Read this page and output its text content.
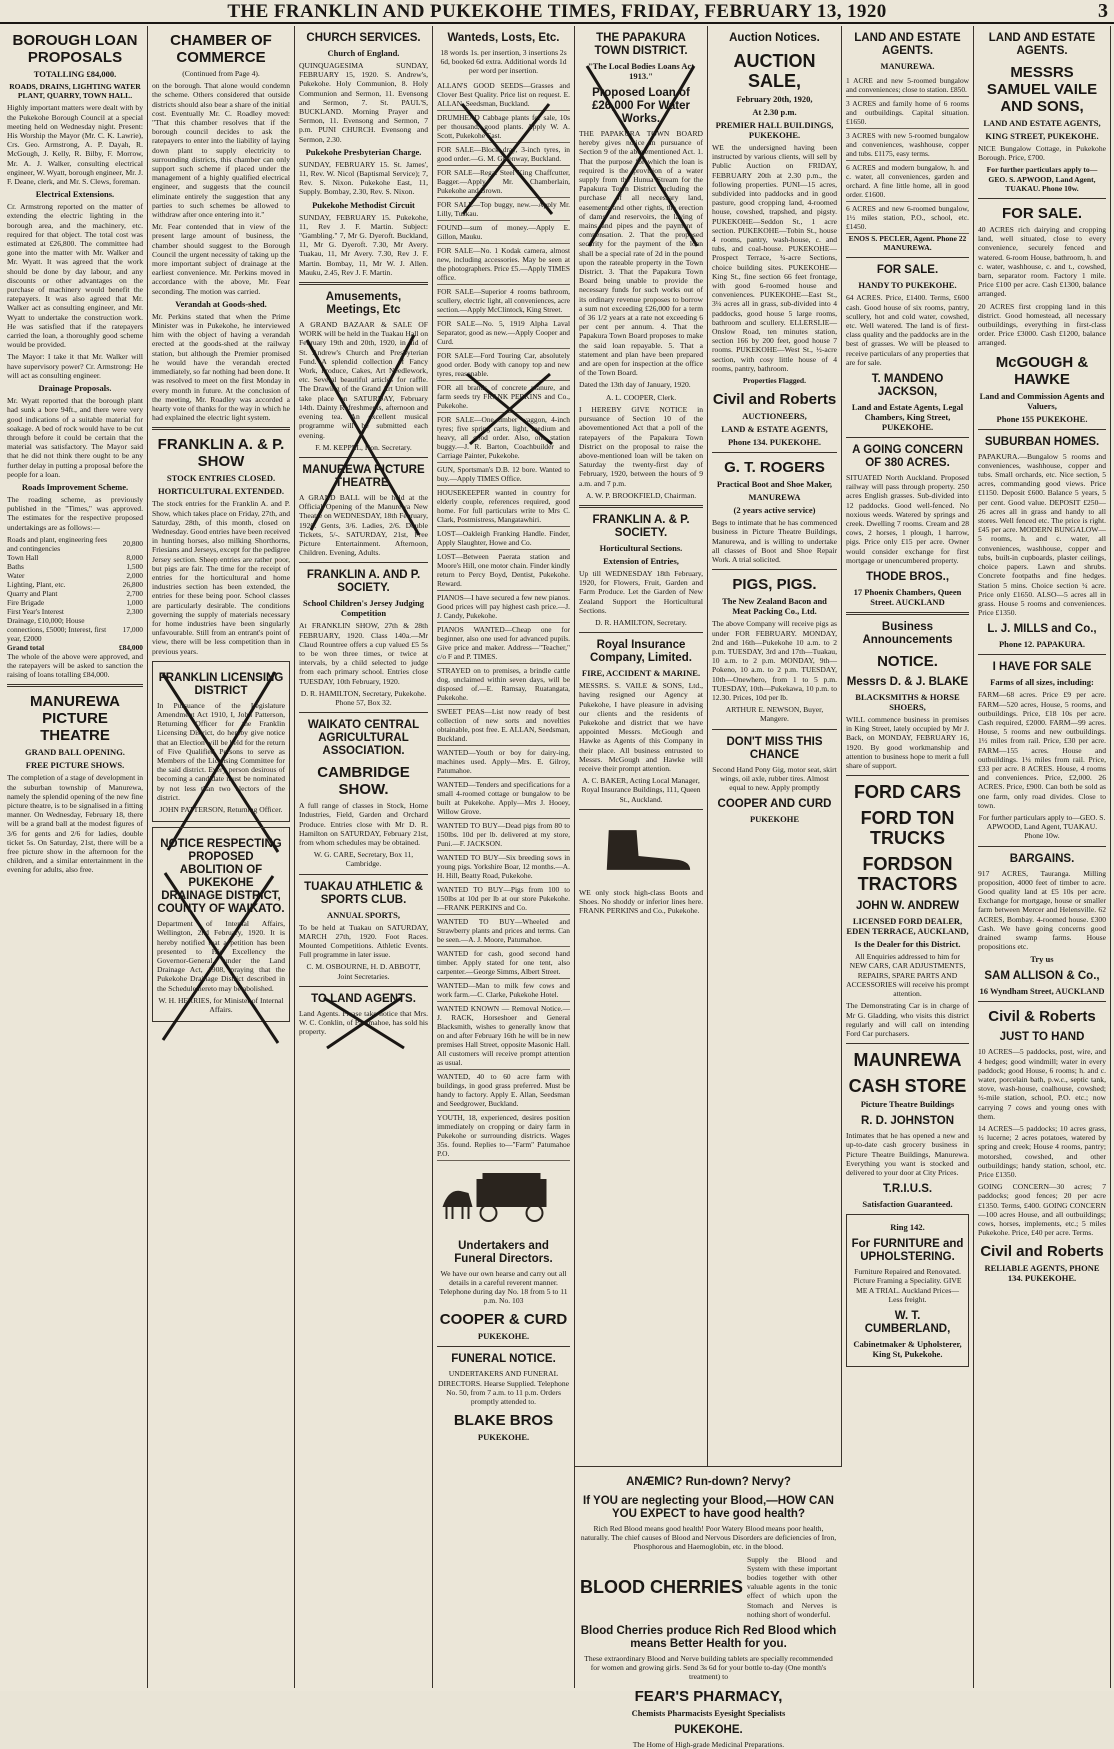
THE FRANKLIN AND PUKEKOHE TIMES, FRIDAY, FEBRUARY 13, 1920	3
BOROUGH LOAN PROPOSALS
TOTALLING £84,000.

ROADS, DRAINS, LIGHTING WATER PLANT, QUARRY, TOWN HALL.

Highly important matters were dealt with by the Pukekohe Borough Council at a special meeting held on Wednesday night. Present: His Worship the Mayor (Mr. C. K. Lawrie), Crs. Geo. Armstrong, A. P. Dayah, R. McGough, J. Kelly, R. Bilby, F. Morrow, Mr. A. J. Walker, consulting electrical engineer, W. Wyatt, borough engineer, Mr. J. F. Deane, clerk, and Mr. S. Clews, foreman.

Electrical Extensions.

Cr. Armstrong reported on the matter of extending the electric lighting in the borough area, and the machinery, etc. required for that object. The total cost was estimated at £26,800. The committee had gone into the matter with Mr. Walker and Mr. Wyatt. It was agreed that the work should be done by day labour, and any discounts or other advantages on the purchase of machinery would benefit the ratepayers. It was also agreed that Mr. Walker act as consulting engineer, and Mr. Wyatt to undertake the construction work. He was satisfied that if the ratepayers carried the loan, a thoroughly good scheme would be provided.

The Mayor: I take it that Mr. Walker will have supervisory power? Cr. Armstrong: He will act as consulting engineer.

Drainage Proposals.

Mr. Wyatt reported that the borough plant had sunk a bore 94ft., and there were very good indications of a suitable material for soakage. A bed of rock would have to be cut through before it could be certain that the material was satisfactory. The Mayor said that he did not think there ought to be any further delay in putting a proposal before the people for a loan.

Roads Improvement Scheme.

The roading scheme, as previously published in the "Times," was approved. The estimates for the respective proposed undertakings are as follows:—

Roads and plant, engineering fees and contingencies	20,800
Town Hall	8,000
Baths	1,500
Water	2,000
Lighting, Plant, etc.	26,800
Quarry and Plant	2,700
Fire Brigade	1,000
First Year's Interest	2,300
Drainage, £10,000; House connections, £5000; Interest, first year, £2000	17,000
Grand total	£84,000

The whole of the above were approved, and the ratepayers will be asked to sanction the raising of loans totalling £84,000.

MANUREWA PICTURE THEATRE
GRAND BALL OPENING.
FREE PICTURE SHOWS.

The completion of a stage of development in the suburban township of Manurewa, namely the splendid opening of the new fine picture theatre, is to be signalised in a fitting manner. On Wednesday, February 18, there will be a grand ball at the modest figures of 3/6 for gents and 2/6 for ladies, double ticket 5s. On Saturday, 21st, there will be a free picture show in the afternoon for the children, and a similar entertainment in the evening for adults, also free.

CHAMBER OF COMMERCE

(Continued from Page 4).

on the borough. That alone would condemn the scheme. Others considered that outside districts should also bear a share of the initial cost. Eventually Mr. C. Roadley moved: "That this chamber resolves that if the borough council decides to ask the ratepayers to enter into the liability of laying down plant to supply electricity to surrounding districts, this chamber can only support such scheme if placed under the management of a highly qualified electrical engineer, and suggests that the council eliminate entirely the suggestion that any parties to such schemes be allowed to withdraw after once entering into it."

Mr. Fear contended that in view of the present large amount of business, the chamber should suggest to the Borough Council the urgent necessity of taking up the more important subject of drainage at the earliest convenience. Mr. Perkins moved in accordance with the above, Mr. Fear seconding. The motion was carried.

Verandah at Goods-shed.

Mr. Perkins stated that when the Prime Minister was in Pukekohe, he interviewed him with the object of having a verandah erected at the goods-shed at the railway station, but although the Premier promised he would have the verandah erected immediately, so far nothing had been done. It was resolved to meet on the first Monday in every month in future. At the conclusion of the meeting, Mr. Roadley was accorded a hearty vote of thanks for the way in which he had explained the electric light system.

FRANKLIN A. & P. SHOW
STOCK ENTRIES CLOSED.
HORTICULTURAL EXTENDED.

The stock entries for the Franklin A. and P. Show, which takes place on Friday, 27th, and Saturday, 28th, of this month, closed on Wednesday. Good entries have been received in hunting horses, also milking Shorthorns, Friesians and Jerseys, except for the pedigree Jersey section. Sheep entries are rather poor, but pigs are fair. The time for the receipt of entries for the horticultural and home industries section has been extended, the entries for these being poor. School classes are particularly desirable. The conditions governing the supply of materials necessary for home industries have been singularly unfavourable. Still from an entrant's point of view, there will be less competition than in previous years.

FRANKLIN LICENSING DISTRICT

In Pursuance of the Legislature Amendment Act 1910, I, John Patterson, Returning Officer for the Franklin Licensing District, do hereby give notice that an Election will be held for the return of Five Qualified Persons to serve as Members of the Licensing Committee for the said district. Every person desirous of becoming a candidate must be nominated by not less than two electors of the district.

JOHN PATTERSON, Returning Officer.

NOTICE RESPECTING PROPOSED ABOLITION OF PUKEKOHE DRAINAGE DISTRICT, COUNTY OF WAIKATO.

Department of Internal Affairs, Wellington, 2nd February, 1920. It is hereby notified that a petition has been presented to His Excellency the Governor-General, under the Land Drainage Act, 1908, praying that the Pukekohe Drainage District described in the Schedule hereto may be abolished.

W. H. HERRIES, for Minister of Internal Affairs.

CHURCH SERVICES.
Church of England.

QUINQUAGESIMA SUNDAY, FEBRUARY 15, 1920. S. Andrew's, Pukekohe. Holy Communion, 8. Holy Communion and Sermon, 11. Evensong and Sermon, 7. St. PAUL'S, BUCKLAND. Morning Prayer and Sermon, 11. Evensong and Sermon, 7 p.m. PUNI CHURCH. Evensong and Sermon, 2.30.

Pukekohe Presbyterian Charge.

SUNDAY, FEBRUARY 15. St. James', 11, Rev. W. Nicol (Baptismal Service); 7, Rev. S. Nixon. Pukekohe East, 11, Supply. Bombay, 2.30, Rev. S. Nixon.

Pukekohe Methodist Circuit

SUNDAY, FEBRUARY 15. Pukekohe, 11, Rev J. F. Martin. Subject: "Gambling." 7, Mr G. Dyeroft. Buckland, 11, Mr G. Dyeroft. 7.30, Mr Avery. Tuakau, 11, Mr Avery. 7.30, Rev J. F. Martin. Bombay, 11, Mr W. J. Allen. Mauku, 2.45, Rev J. F. Martin.

Amusements, Meetings, Etc

A GRAND BAZAAR & SALE OF WORK will be held in the Tuakau Hall on February 19th and 20th, 1920, in aid of St. Andrew's Church and Presbyterian Fund. A splendid collection of Fancy Work, Produce, Cakes, Art Needlework, etc. Several beautiful articles for raffle. The Drawing of the Grand Art Union will take place on SATURDAY, February 14th. Dainty Refreshments, afternoon and evening tea. An excellent musical programme will be submitted each evening.

F. M. KEPPEL, Hon. Secretary.

MANUREWA PICTURE THEATRE.

A GRAND BALL will be held at the Official Opening of the Manurewa New Theatre on WEDNESDAY, 18th February, 1920. Gents, 3/6. Ladies, 2/6. Double Tickets, 5/-. SATURDAY, 21st, Free Picture Entertainment. Afternoon, Children. Evening, Adults.

FRANKLIN A. AND P. SOCIETY.
School Children's Jersey Judging Competition

At FRANKLIN SHOW, 27th & 28th FEBRUARY, 1920. Class 140a.—Mr Claud Rountree offers a cup valued £5 5s to be won three times, or twice at intervals, by a child selected to judge from each primary school. Entries close TUESDAY, 10th February, 1920.

D. R. HAMILTON, Secretary, Pukekohe. Phone 57, Box 32.

WAIKATO CENTRAL AGRICULTURAL ASSOCIATION.
CAMBRIDGE SHOW.

A full range of classes in Stock, Home Industries, Field, Garden and Orchard Produce. Entries close with Mr D. R. Hamilton on SATURDAY, February 21st, from whom schedules may be obtained.

W. G. CARE, Secretary, Box 11, Cambridge.

TUAKAU ATHLETIC & SPORTS CLUB.
ANNUAL SPORTS,

To be held at Tuakau on SATURDAY, MARCH 27th, 1920. Foot Races. Mounted Competitions. Athletic Events. Full programme in later issue.

C. M. OSBOURNE, H. D. ABBOTT, Joint Secretaries.

TO LAND AGENTS.

Land Agents. Please take notice that Mrs. W. C. Conklin, of Patumahoe, has sold his property.

Wanteds, Losts, Etc.

18 words 1s. per insertion, 3 insertions 2s 6d, booked 6d extra. Additional words 1d per word per insertion.

ALLAN'S GOOD SEEDS—Grasses and Clover Best Quality. Price list on request. E. ALLAN, Seedsman, Buckland.

DRUMHEAD Cabbage plants for sale, 10s per thousand, good plants. Apply W. A. Scott, Pukekohe East.

FOR SALE—Block dray, 3-inch tyres, in good order.—G. M. Greenway, Buckland.

FOR SALE—Regal Steel King Chaffcutter, Bagger.—Apply Mr. Chamberlain, Pukekohe and Brown.

FOR SALE—Top buggy, new.—Apply Mr. Lilly, Tuakau.

FOUND—sum of money.—Apply E. Gillon, Mauku.

FOR SALE—No. 1 Kodak camera, almost new, including accessories. May be seen at the photographers. Price £5.—Apply TIMES office.

FOR SALE—Superior 4 rooms bathroom, scullery, electric light, all conveniences, acre section.—Apply McClintock, King Street.

FOR SALE—No. 5, 1919 Alpha Laval Separator, good as new.—Apply Cooper and Curd.

FOR SALE—Ford Touring Car, absolutely good order. Body with canopy top and new tyres, reasonable.

FOR all brands of concrete manure, and farm seeds try FRANK PERKINS and Co., Pukekohe.

FOR SALE—One timber waggon, 4-inch tyres; five spring carts, light, medium and heavy, all good order. Also, one station buggy.—J. R. Barton, Coachbuilder and Carriage Painter, Pukekohe.

GUN, Sportsman's D.B. 12 bore. Wanted to buy.—Apply TIMES Office.

HOUSEKEEPER wanted in country for elderly couple, references required, good home. For full particulars write to Mrs C. Clark, Postmistress, Mangatawhiri.

LOST—Oakleigh Franking Handle. Finder, Apply Slaughter, Howe and Co.

LOST—Between Paerata station and Moore's Hill, one motor chain. Finder kindly return to Percy Boyd, Dentist, Pukekohe. Reward.

PIANOS—I have secured a few new pianos. Good prices will pay highest cash price.—J. J. Candy, Pukekohe.

PIANOS WANTED—Cheap one for beginner, also one used for advanced pupils. Give price and maker. Address—"Teacher," c/o F and P. TIMES.

STRAYED on to premises, a brindle cattle dog, unclaimed within seven days, will be disposed of.—E. Ramsay, Ruatangata, Pukekohe.

SWEET PEAS—List now ready of best collection of new sorts and novelties obtainable, post free. E. ALLAN, Seedsman, Buckland.

WANTED—Youth or boy for dairy-ing, machines used. Apply—Mrs. E. Gilroy, Patumahoe.

WANTED—Tenders and specifications for a small 4-roomed cottage or bungalow to be built at Pukekohe. Apply—Mrs J. Hooey, Willow Grove.

WANTED TO BUY—Dead pigs from 80 to 150lbs. 10d per lb. delivered at my store, Puni.—F. JACKSON.

WANTED TO BUY—Six breeding sows in young pigs. Yorkshire Boar, 12 months.—A. H. Hill, Beatty Road, Pukekohe.

WANTED TO BUY—Pigs from 100 to 150lbs at 10d per lb at our store Pukekohe.—FRANK PERKINS and Co.

WANTED TO BUY—Wheeled and Strawberry plants and prices and terms. Can be seen.—A. J. Moore, Patumahoe.

WANTED for cash, good second hand timber. Apply stated for one tent, also carpenter.—George Simms, Albert Street.

WANTED—Man to milk few cows and work farm.—C. Clarke, Pukekohe Hotel.

WANTED KNOWN — Removal Notice.—J. RACK, Horseshoer and General Blacksmith, wishes to generally know that on and after February 16th he will be in new premises Hall Street, opposite Masonic Hall. All customers will receive prompt attention as usual.

WANTED, 40 to 60 acre farm with buildings, in good grass preferred. Must be handy to factory. Apply E. Allan, Seedsman and Seedgrower, Buckland.

YOUTH, 18, experienced, desires position immediately on cropping or dairy farm in Pukekohe or surrounding districts. Wages 35s. found. Replies to—"Farm" Patumahoe P.O.

Undertakers and Funeral Directors.

We have our own hearse and carry out all details in a careful reverent manner. Telephone during day No. 18 from 5 to 11 p.m. No. 103

COOPER & CURD
PUKEKOHE.
FUNERAL NOTICE.

UNDERTAKERS AND FUNERAL DIRECTORS. Hearse Supplied. Telephone No. 50, from 7 a.m. to 11 p.m. Orders promptly attended to.

BLAKE BROS
PUKEKOHE.
THE PAPAKURA TOWN DISTRICT.
"The Local Bodies Loans Act 1913."
Proposed Loan of £26,000 For Water Works.

THE PAPAKURA TOWN BOARD hereby gives notice in pursuance of Section 9 of the abovementioned Act. 1. That the purpose for which the loan is required is the provision of a water supply from the Hunua Stream for the Papakura Town District including the purchase of all necessary land, easements and other rights, the erection of dams and reservoirs, the laying of mains and pipes and the payment of compensation. 2. That the proposed security for the payment of the loan shall be a special rate of 2d in the pound upon the rateable property in the Town District. 3. That the Papakura Town Board being unable to provide the necessary funds for such works out of its ordinary revenue proposes to borrow a sum not exceeding £26,000 for a term of 36 1/2 years at a rate not exceeding 6 per cent per annum. 4. That the Papakura Town Board proposes to make the said loan repayable. 5. That a statement and plan have been prepared and are open for inspection at the office of the Town Board.

Dated the 13th day of January, 1920.

A. L. COOPER, Clerk.

I HEREBY GIVE NOTICE in pursuance of Section 10 of the abovementioned Act that a poll of the ratepayers of the Papakura Town District on the proposal to raise the above-mentioned loan will be taken on Saturday the twenty-first day of February, 1920, between the hours of 9 a.m. and 7 p.m.

A. W. P. BROOKFIELD, Chairman.

FRANKLIN A. & P. SOCIETY.
Horticultural Sections.
Extension of Entries,

Up till WEDNESDAY 18th February, 1920, for Flowers, Fruit, Garden and Farm Produce. Let the Garden of New Zealand Support the Horticultural Sections.

D. R. HAMILTON, Secretary.

Royal Insurance Company, Limited.
FIRE, ACCIDENT & MARINE.

MESSRS. S. VAILE & SONS, Ltd., having resigned our Agency at Pukekohe, I have pleasure in advising our clients and the residents of Pukekohe and district that we have appointed Messrs. McGough and Hawke as Agents of this Company in their place. All business entrusted to Messrs. McGough and Hawke will receive their prompt attention.

A. C. BAKER, Acting Local Manager, Royal Insurance Buildings, 111, Queen St., Auckland.

WE only stock high-class Boots and Shoes. No shoddy or inferior lines here. FRANK PERKINS and Co., Pukekohe.

Auction Notices.
AUCTION SALE,
February 20th, 1920,
At 2.30 p.m.
PREMIER HALL BUILDINGS, PUKEKOHE.

WE the undersigned having been instructed by various clients, will sell by Public Auction on FRIDAY, FEBRUARY 20th at 2.30 p.m., the following properties. PUNI—15 acres, subdivided into paddocks and in good pasture, good cropping land, 4-roomed house, cowshed, trapshed, and pigsty. PUKEKOHE—Seddon St., 1 acre section. PUKEKOHE—Tobin St., house 4 rooms, pantry, wash-house, c. and tubs, and coal-house. PUKEKOHE—Prospect Terrace, ¾-acre Sections, choice building sites. PUKEKOHE—King St., fine section 66 feet frontage, with good 6-roomed house and conveniences. PUKEKOHE—East St., 3¼ acres all in grass, sub-divided into 4 paddocks, good house 5 large rooms, bathroom and scullery. ELLERSLIE—Onslow Road, ten minutes station, section 166 by 200 feet, good house 7 rooms. PUKEKOHE—West St., ½-acre section, with cosy little house of 4 rooms, pantry, bathroom.

Properties Flagged.

Civil and Roberts
AUCTIONEERS,
LAND & ESTATE AGENTS,
Phone 134. PUKEKOHE.
G. T. ROGERS
Practical Boot and Shoe Maker,
MANUREWA
(2 years active service)

Begs to intimate that he has commenced business in Picture Theatre Buildings, Manurewa, and is willing to undertake all classes of Boot and Shoe Repair Work. A trial solicited.

PIGS, PIGS.
The New Zealand Bacon and Meat Packing Co., Ltd.

The above Company will receive pigs as under FOR FEBRUARY. MONDAY, 2nd and 16th—Pukekohe 10 a.m. to 2 p.m. TUESDAY, 3rd and 17th—Tuakau, 10 a.m. to 2 p.m. MONDAY, 9th—Pokeno, 10 a.m. to 2 p.m. TUESDAY, 10th—Onewhero, from 1 to 5 p.m. TUESDAY, 10th—Pukekawa, 10 p.m. to 12.30. Prices, 10d per lb.

ARTHUR E. NEWSON, Buyer, Mangere.

DON'T MISS THIS CHANCE

Second Hand Pony Gig, motor seat, skirt wings, oil axle, rubber tires. Almost equal to new. Apply promptly

COOPER AND CURD
PUKEKOHE
LAND AND ESTATE AGENTS.
MANUREWA.

1 ACRE and new 5-roomed bungalow and conveniences; close to station. £850.

3 ACRES and family home of 6 rooms and outbuildings. Capital situation. £1650.

3 ACRES with new 5-roomed bungalow and conveniences, washhouse, copper and tubs. £1175, easy terms.

6 ACRES and modern bungalow, h. and c. water, all conveniences, garden and orchard. A fine little home, all in good order. £1600.

6 ACRES and new 6-roomed bungalow, 1½ miles station, P.O., school, etc. £1450.

ENOS S. PECLER, Agent. Phone 22 MANUREWA.

FOR SALE.
HANDY TO PUKEKOHE.

64 ACRES. Price, £1400. Terms, £600 cash. Good house of six rooms, pantry, scullery, hot and cold water, cowshed, etc. Well watered. The land is of first-class quality and the paddocks are in the best of grasses. We will be pleased to receive particulars of any properties that are for sale.

T. MANDENO JACKSON,
Land and Estate Agents, Legal Chambers, King Street, PUKEKOHE.
A GOING CONCERN OF 380 ACRES.

SITUATED North Auckland. Proposed railway will pass through property. 250 acres English grasses. Sub-divided into 12 paddocks. Good well-fenced. No noxious weeds. Watered by springs and creek. Dwelling 7 rooms. Cream and 28 cows, 2 horses, 1 plough, 1 harrow, pigs. Price only £15 per acre. Owner would consider exchange for first mortgage or unencumbered property.

THODE BROS.,
17 Phoenix Chambers, Queen Street. AUCKLAND
Business Announcements
NOTICE.
Messrs D. & J. BLAKE
BLACKSMITHS & HORSE SHOERS,

WILL commence business in premises in King Street, lately occupied by Mr J. Back, on MONDAY, FEBRUARY 16, 1920. By good workmanship and attention to business hope to merit a full share of support.

FORD CARS
FORD TON TRUCKS
FORDSON TRACTORS
JOHN W. ANDREW
LICENSED FORD DEALER, EDEN TERRACE, AUCKLAND,
Is the Dealer for this District.

All Enquiries addressed to him for NEW CARS, CAR ADJUSTMENTS, REPAIRS, SPARE PARTS AND ACCESSORIES will receive his prompt attention.

The Demonstrating Car is in charge of Mr G. Gladding, who visits this district regularly and will call on intending Ford Car purchasers.

MAUNREWA
CASH STORE
Picture Theatre Buildings
R. D. JOHNSTON

Intimates that he has opened a new and up-to-date cash grocery business in Picture Theatre Buildings, Manurewa. Everything you want is stocked and delivered to your door at City Prices.

T.R.I.U.S.
Satisfaction Guaranteed.
Ring 142.
For FURNITURE and UPHOLSTERING.

Furniture Repaired and Renovated. Picture Framing a Speciality. GIVE ME A TRIAL. Auckland Prices—Less freight.

W. T. CUMBERLAND,
Cabinetmaker & Upholsterer, King St, Pukekohe.
LAND AND ESTATE AGENTS.
MESSRS SAMUEL VAILE AND SONS,
LAND AND ESTATE AGENTS,
KING STREET, PUKEKOHE.

NICE Bungalow Cottage, in Pukekohe Borough. Price, £700.

For further particulars apply to—GEO. S. APWOOD, Land Agent, TUAKAU. Phone 10w.

FOR SALE.

40 ACRES rich dairying and cropping land, well situated, close to every convenience, securely fenced and watered. 6-room House, bathroom, h. and c. water, washhouse, c. and t., cowshed, barn, separator room. Factory 1 mile. Price £100 per acre. Cash £1300, balance arranged.

20 ACRES first cropping land in this district. Good homestead, all necessary outbuildings, everything in first-class order. Price £3000. Cash £1200, balance arranged.

McGOUGH & HAWKE
Land and Commission Agents and Valuers,
Phone 155 PUKEKOHE.
SUBURBAN HOMES.

PAPAKURA.—Bungalow 5 rooms and conveniences, washhouse, copper and tubs. Small orchards, etc. Nice section, 5 acres, commanding good views. Price £1150. Deposit £600. Balance 5 years, 5 per cent. Good value. DEPOSIT £250—26 acres all in grass and handy to all stores. Well fenced etc. The price is right. £45 per acre. MODERN BUNGALOW—5 rooms, h. and c. water, all conveniences, washhouse, copper and tubs, built-in cupboards, plaster ceilings, choice papers. Lawn and shrubs. Concrete footpaths and fine hedges. Station 5 mins. Choice section ¼ acre. Price only £1650. ALSO—5 acres all in grass. House 5 rooms and conveniences. Price £1350.

L. J. MILLS and Co.,
Phone 12. PAPAKURA.
I HAVE FOR SALE
Farms of all sizes, including:

FARM—68 acres. Price £9 per acre. FARM—520 acres, House, 5 rooms, and outbuildings. Price, £18 10s per acre. Cash required, £2000. FARM—99 acres. House, 5 rooms and new outbuildings. 1½ miles from rail. Price, £30 per acre. FARM—155 acres. House and outbuildings. 1¼ miles from rail. Price, £33 per acre. 8 ACRES. House, 4 rooms and conveniences. Price, £2,000. 26 ACRES. Price, £900. Can both be sold as one farm, only road divides. Close to town.

For further particulars apply to—GEO. S. APWOOD, Land Agent, TUAKAU. Phone 10w.

BARGAINS.

917 ACRES, Tauranga. Milling proposition, 4000 feet of timber to acre. Good quality land at £5 10s per acre. Exchange for mortgage, house or smaller farm between Mercer and Helensville. 62 ACRES, Bombay. 4-roomed house. £300 Cash. We have going concerns good drained swamp farms. House propositions etc.

Try us
SAM ALLISON & Co.,
16 Wyndham Street, AUCKLAND
Civil & Roberts
JUST TO HAND

10 ACRES—5 paddocks, post, wire, and 4 hedges; good windmill; water in every paddock; good House, 6 rooms; h. and c. water, porcelain bath, p.w.c., septic tank, stove, wash-house, coalhouse, cowshed; ½-mile station, school, P.O. etc.; now carrying 7 cows and young ones with them.

14 ACRES—5 paddocks; 10 acres grass, ½ lucerne; 2 acres potatoes, watered by spring and creek; House 4 rooms, pantry; motorshed, cowshed, and other outbuildings; handy station, school, etc. Price £1350.

GOING CONCERN—30 acres; 7 paddocks; good fences; 20 per acre £1350. Terms, £400. GOING CONCERN—100 acres House, and all outbuildings; cows, horses, implements, etc.; 5 miles Pukekohe. Price, £40 per acre. Terms.

Civil and Roberts
RELIABLE AGENTS, PHONE 134. PUKEKOHE.
ANÆMIC? Run-down? Nervy?
If YOU are neglecting your Blood,—HOW CAN YOU EXPECT to have good health?

Rich Red Blood means good health! Poor Watery Blood means poor health, naturally. The chief causes of Blood and Nervous Disorders are deficiencies of Iron, Phosphorous and Haemoglobin, etc. in the blood.

BLOOD CHERRIES

Supply the Blood and System with these important bodies together with other valuable agents in the tonic effect of which upon the Stomach and Nerves is nothing short of wonderful.

Blood Cherries produce Rich Red Blood which means Better Health for you.

These extraordinary Blood and Nerve building tablets are specially recommended for women and growing girls. Send 3s 6d for your bottle to-day (One month's treatment) to

FEAR'S PHARMACY,
Chemists Pharmacists Eyesight Specialists
PUKEKOHE.

The Home of High-grade Medicinal Preparations.
